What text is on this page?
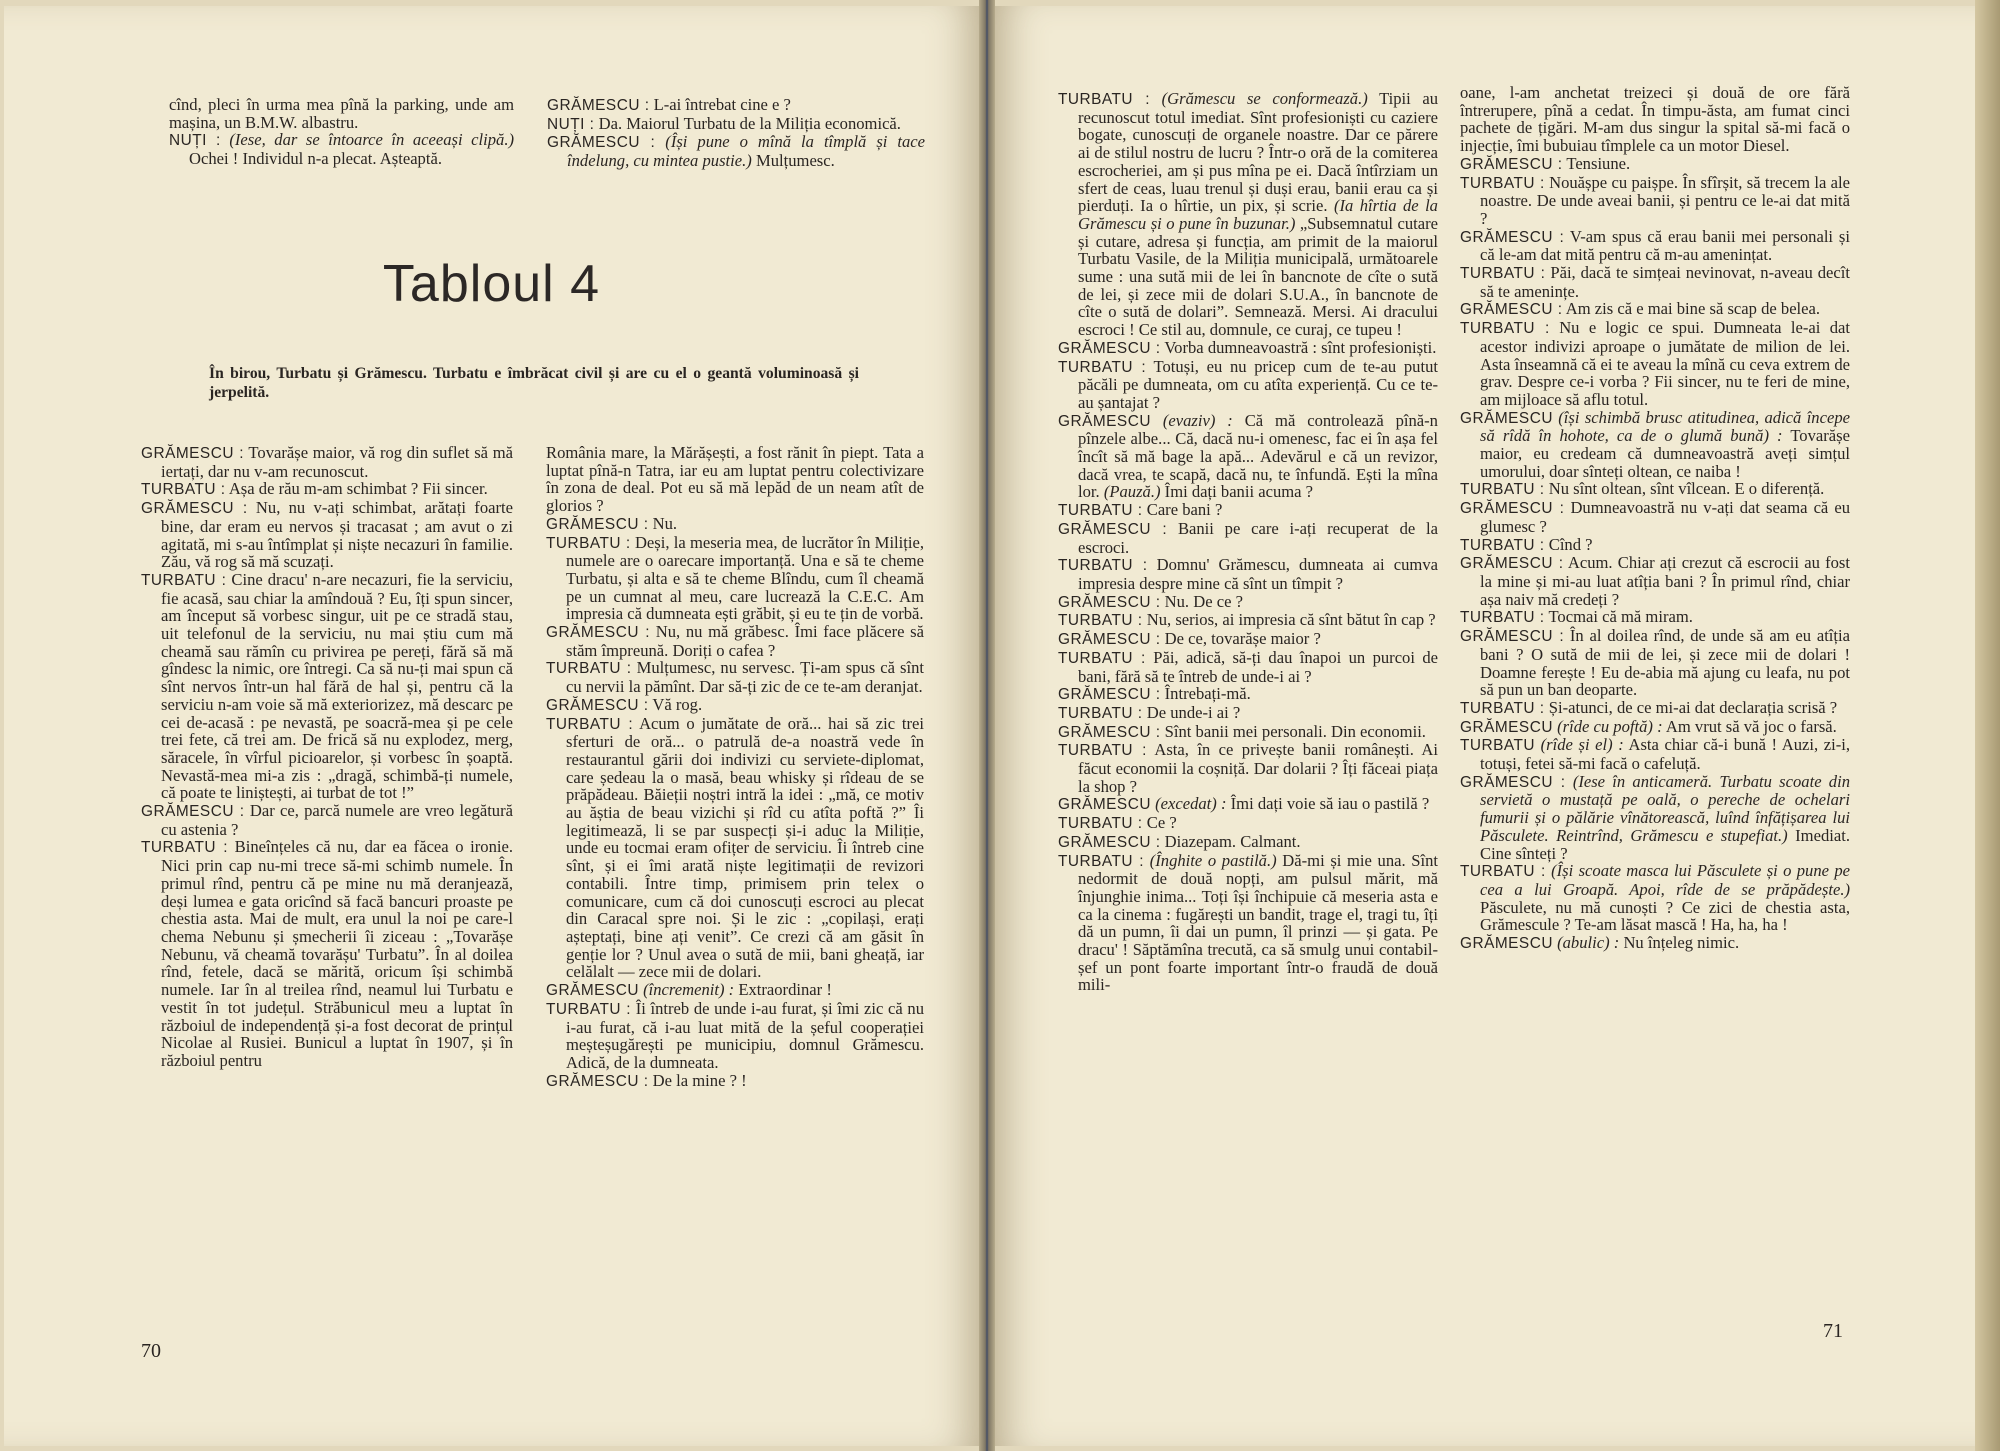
cînd, pleci în urma mea pînă la parking, unde am mașina, un B.M.W. albastru.
NUȚI : (Iese, dar se întoarce în aceeași clipă.) Ochei ! Individul n-a plecat. Așteaptă.
GRĂMESCU : L-ai întrebat cine e ?
NUȚI : Da. Maiorul Turbatu de la Miliția economică.
GRĂMESCU : (Își pune o mînă la tîmplă și tace îndelung, cu mintea pustie.) Mulțumesc.
Tabloul 4
În birou, Turbatu și Grămescu. Turbatu e îmbrăcat civil și are cu el o geantă voluminoasă și jerpelită.
GRĂMESCU : Tovarășe maior, vă rog din suflet să mă iertați, dar nu v-am recunoscut.
TURBATU : Așa de rău m-am schimbat ? Fii sincer.
GRĂMESCU : Nu, nu v-ați schimbat, arătați foarte bine, dar eram eu nervos și tracasat ; am avut o zi agitată, mi s-au întîmplat și niște necazuri în familie. Zău, vă rog să mă scuzați.
TURBATU : Cine dracu' n-are necazuri, fie la serviciu, fie acasă, sau chiar la amîndouă ? Eu, îți spun sincer, am început să vorbesc singur, uit pe ce stradă stau, uit telefonul de la serviciu, nu mai știu cum mă cheamă sau rămîn cu privirea pe pereți, fără să mă gîndesc la nimic, ore întregi. Ca să nu-ți mai spun că sînt nervos într-un hal fără de hal și, pentru că la serviciu n-am voie să mă exteriorizez, mă descarc pe cei de-acasă : pe nevastă, pe soacră-mea și pe cele trei fete, că trei am. De frică să nu explodez, merg, săracele, în vîrful picioarelor, și vorbesc în șoaptă. Nevastă-mea mi-a zis : „dragă, schimbă-ți numele, că poate te liniștești, ai turbat de tot !”
GRĂMESCU : Dar ce, parcă numele are vreo legătură cu astenia ?
TURBATU : Bineînțeles că nu, dar ea făcea o ironie. Nici prin cap nu-mi trece să-mi schimb numele. În primul rînd, pentru că pe mine nu mă deranjează, deși lumea e gata oricînd să facă bancuri proaste pe chestia asta. Mai de mult, era unul la noi pe care-l chema Nebunu și șmecherii îi ziceau : „Tovarășe Nebunu, vă cheamă tovarășu' Turbatu”. În al doilea rînd, fetele, dacă se mărită, oricum își schimbă numele. Iar în al treilea rînd, neamul lui Turbatu e vestit în tot județul. Străbunicul meu a luptat în războiul de independență și-a fost decorat de prințul Nicolae al Rusiei. Bunicul a luptat în 1907, și în războiul pentru
România mare, la Mărășești, a fost rănit în piept. Tata a luptat pînă-n Tatra, iar eu am luptat pentru colectivizare în zona de deal. Pot eu să mă lepăd de un neam atît de glorios ?
GRĂMESCU : Nu.
TURBATU : Deși, la meseria mea, de lucrător în Miliție, numele are o oarecare importanță. Una e să te cheme Turbatu, și alta e să te cheme Blîndu, cum îl cheamă pe un cumnat al meu, care lucrează la C.E.C. Am impresia că dumneata ești grăbit, și eu te țin de vorbă.
GRĂMESCU : Nu, nu mă grăbesc. Îmi face plăcere să stăm împreună. Doriți o cafea ?
TURBATU : Mulțumesc, nu servesc. Ți-am spus că sînt cu nervii la pămînt. Dar să-ți zic de ce te-am deranjat.
GRĂMESCU : Vă rog.
TURBATU : Acum o jumătate de oră... hai să zic trei sferturi de oră... o patrulă de-a noastră vede în restaurantul gării doi indivizi cu serviete-diplomat, care ședeau la o masă, beau whisky și rîdeau de se prăpădeau. Băieții noștri intră la idei : „mă, ce motiv au ăștia de beau vizichi și rîd cu atîta poftă ?” Îi legitimează, li se par suspecți și-i aduc la Miliție, unde eu tocmai eram ofițer de serviciu. Îi întreb cine sînt, și ei îmi arată niște legitimații de revizori contabili. Între timp, primisem prin telex o comunicare, cum că doi cunoscuți escroci au plecat din Caracal spre noi. Și le zic : „copilași, erați așteptați, bine ați venit”. Ce crezi că am găsit în genție lor ? Unul avea o sută de mii, bani gheață, iar celălalt — zece mii de dolari.
GRĂMESCU (încremenit) : Extraordinar !
TURBATU : Îi întreb de unde i-au furat, și îmi zic că nu i-au furat, că i-au luat mită de la șeful cooperației meșteșugărești pe municipiu, domnul Grămescu. Adică, de la dumneata.
GRĂMESCU : De la mine ? !
70
TURBATU : (Grămescu se conformează.) Tipii au recunoscut totul imediat. Sînt profesioniști cu caziere bogate, cunoscuți de organele noastre. Dar ce părere ai de stilul nostru de lucru ? Într-o oră de la comiterea escrocheriei, am și pus mîna pe ei. Dacă întîrziam un sfert de ceas, luau trenul și duși erau, banii erau ca și pierduți. Ia o hîrtie, un pix, și scrie. (Ia hîrtia de la Grămescu și o pune în buzunar.) „Subsemnatul cutare și cutare, adresa și funcția, am primit de la maiorul Turbatu Vasile, de la Miliția municipală, următoarele sume : una sută mii de lei în bancnote de cîte o sută de lei, și zece mii de dolari S.U.A., în bancnote de cîte o sută de dolari”. Semnează. Mersi. Ai dracului escroci ! Ce stil au, domnule, ce curaj, ce tupeu !
GRĂMESCU : Vorba dumneavoastră : sînt profesioniști.
TURBATU : Totuși, eu nu pricep cum de te-au putut păcăli pe dumneata, om cu atîta experiență. Cu ce te-au șantajat ?
GRĂMESCU (evaziv) : Că mă controlează pînă-n pînzele albe... Că, dacă nu-i omenesc, fac ei în așa fel încît să mă bage la apă... Adevărul e că un revizor, dacă vrea, te scapă, dacă nu, te înfundă. Ești la mîna lor. (Pauză.) Îmi dați banii acuma ?
TURBATU : Care bani ?
GRĂMESCU : Banii pe care i-ați recuperat de la escroci.
TURBATU : Domnu' Grămescu, dumneata ai cumva impresia despre mine că sînt un tîmpit ?
GRĂMESCU : Nu. De ce ?
TURBATU : Nu, serios, ai impresia că sînt bătut în cap ?
GRĂMESCU : De ce, tovarășe maior ?
TURBATU : Păi, adică, să-ți dau înapoi un purcoi de bani, fără să te întreb de unde-i ai ?
GRĂMESCU : Întrebați-mă.
TURBATU : De unde-i ai ?
GRĂMESCU : Sînt banii mei personali. Din economii.
TURBATU : Asta, în ce privește banii românești. Ai făcut economii la coșniță. Dar dolarii ? Îți făceai piața la shop ?
GRĂMESCU (excedat) : Îmi dați voie să iau o pastilă ?
TURBATU : Ce ?
GRĂMESCU : Diazepam. Calmant.
TURBATU : (Înghite o pastilă.) Dă-mi și mie una. Sînt nedormit de două nopți, am pulsul mărit, mă înjunghie inima... Toți își închipuie că meseria asta e ca la cinema : fugărești un bandit, trage el, tragi tu, îți dă un pumn, îi dai un pumn, îl prinzi — și gata. Pe dracu' ! Săptămîna trecută, ca să smulg unui contabil-șef un pont foarte important într-o fraudă de două mili-
oane, l-am anchetat treizeci și două de ore fără întrerupere, pînă a cedat. În timpu-ăsta, am fumat cinci pachete de țigări. M-am dus singur la spital să-mi facă o injecție, îmi bubuiau tîmplele ca un motor Diesel.
GRĂMESCU : Tensiune.
TURBATU : Nouășpe cu paișpe. În sfîrșit, să trecem la ale noastre. De unde aveai banii, și pentru ce le-ai dat mită ?
GRĂMESCU : V-am spus că erau banii mei personali și că le-am dat mită pentru că m-au amenințat.
TURBATU : Păi, dacă te simțeai nevinovat, n-aveau decît să te amenințe.
GRĂMESCU : Am zis că e mai bine să scap de belea.
TURBATU : Nu e logic ce spui. Dumneata le-ai dat acestor indivizi aproape o jumătate de milion de lei. Asta înseamnă că ei te aveau la mînă cu ceva extrem de grav. Despre ce-i vorba ? Fii sincer, nu te feri de mine, am mijloace să aflu totul.
GRĂMESCU (își schimbă brusc atitudinea, adică începe să rîdă în hohote, ca de o glumă bună) : Tovarășe maior, eu credeam că dumneavoastră aveți simțul umorului, doar sînteți oltean, ce naiba !
TURBATU : Nu sînt oltean, sînt vîlcean. E o diferență.
GRĂMESCU : Dumneavoastră nu v-ați dat seama că eu glumesc ?
TURBATU : Cînd ?
GRĂMESCU : Acum. Chiar ați crezut că escrocii au fost la mine și mi-au luat atîția bani ? În primul rînd, chiar așa naiv mă credeți ?
TURBATU : Tocmai că mă miram.
GRĂMESCU : În al doilea rînd, de unde să am eu atîția bani ? O sută de mii de lei, și zece mii de dolari ! Doamne ferește ! Eu de-abia mă ajung cu leafa, nu pot să pun un ban deoparte.
TURBATU : Și-atunci, de ce mi-ai dat declarația scrisă ?
GRĂMESCU (rîde cu poftă) : Am vrut să vă joc o farsă.
TURBATU (rîde și el) : Asta chiar că-i bună ! Auzi, zi-i, totuși, fetei să-mi facă o cafeluță.
GRĂMESCU : (Iese în anticameră. Turbatu scoate din servietă o mustață pe oală, o pereche de ochelari fumurii și o pălărie vînătorească, luînd înfățișarea lui Păsculete. Reintrînd, Grămescu e stupefiat.) Imediat. Cine sînteți ?
TURBATU : (Își scoate masca lui Păsculete și o pune pe cea a lui Groapă. Apoi, rîde de se prăpădește.) Păsculete, nu mă cunoști ? Ce zici de chestia asta, Grămescule ? Te-am lăsat mască ! Ha, ha, ha !
GRĂMESCU (abulic) : Nu înțeleg nimic.
71
